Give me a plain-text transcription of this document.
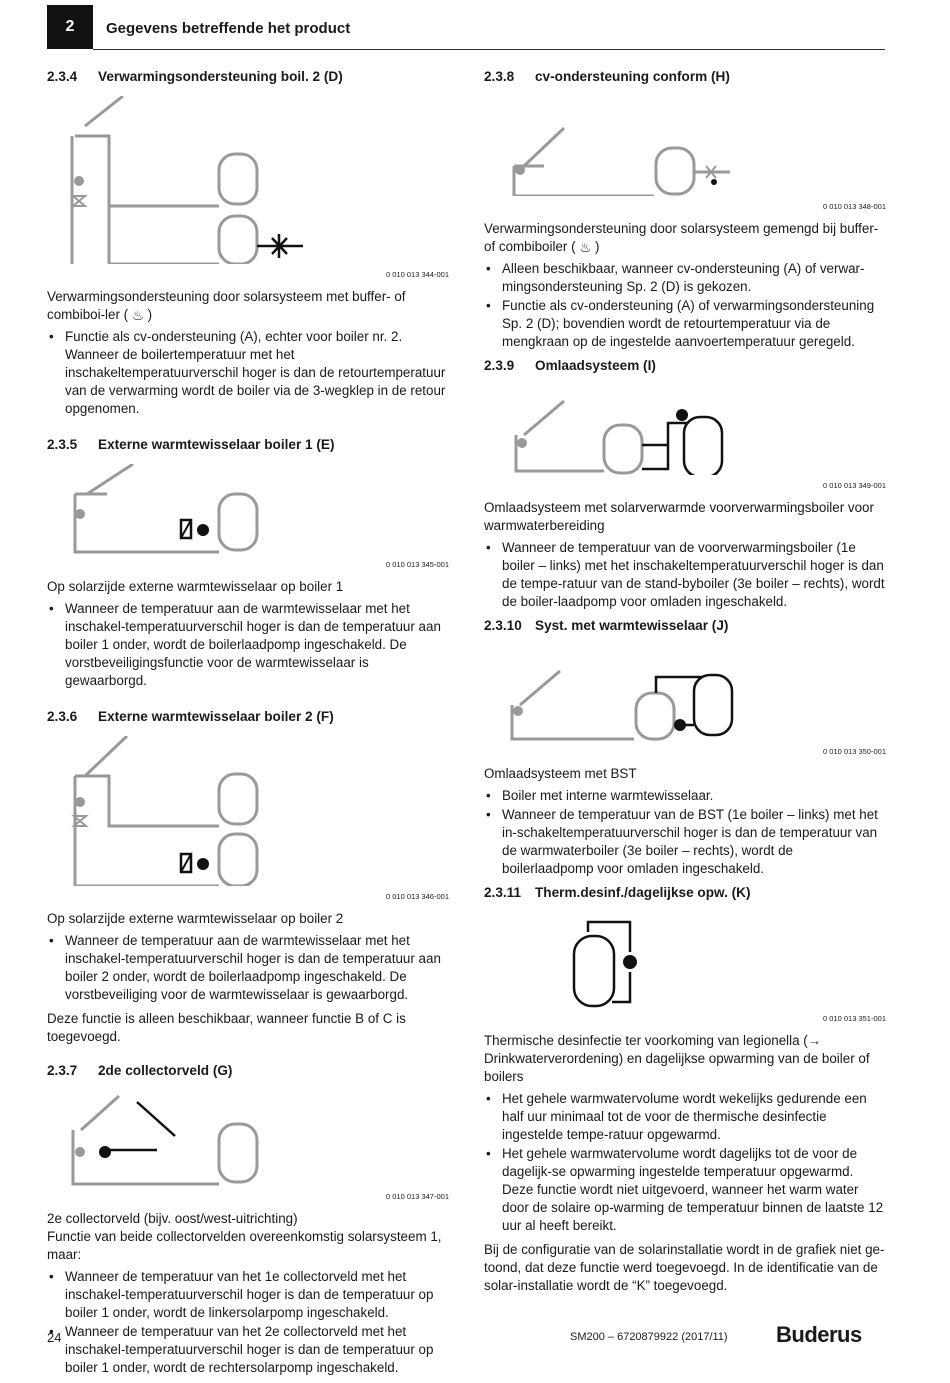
2	Gegevens betreffende het product
2.3.4	Verwarmingsondersteuning boil. 2 (D)
0 010 013 344-001

Verwarmingsondersteuning door solarsysteem met buffer- of combiboi-ler ( ♨ )

• Functie als cv-ondersteuning (A), echter voor boiler nr. 2. Wanneer de boilertemperatuur met het inschakeltemperatuurverschil hoger is dan de retourtemperatuur van de verwarming wordt de boiler via de 3-wegklep in de retour opgenomen.
2.3.5	Externe warmtewisselaar boiler 1 (E)
0 010 013 345-001

Op solarzijde externe warmtewisselaar op boiler 1

• Wanneer de temperatuur aan de warmtewisselaar met het inschakel-temperatuurverschil hoger is dan de temperatuur aan boiler 1 onder, wordt de boilerlaadpomp ingeschakeld. De vorstbeveiligingsfunctie voor de warmtewisselaar is gewaarborgd.
2.3.6	Externe warmtewisselaar boiler 2 (F)
0 010 013 346-001

Op solarzijde externe warmtewisselaar op boiler 2

• Wanneer de temperatuur aan de warmtewisselaar met het inschakel-temperatuurverschil hoger is dan de temperatuur aan boiler 2 onder, wordt de boilerlaadpomp ingeschakeld. De vorstbeveiliging voor de warmtewisselaar is gewaarborgd.

Deze functie is alleen beschikbaar, wanneer functie B of C is toegevoegd.

2.3.7	2de collectorveld (G)
0 010 013 347-001

2e collectorveld (bijv. oost/west-uitrichting)

Functie van beide collectorvelden overeenkomstig solarsysteem 1, maar:

• Wanneer de temperatuur van het 1e collectorveld met het inschakel-temperatuurverschil hoger is dan de temperatuur op boiler 1 onder, wordt de linkersolarpomp ingeschakeld.
• Wanneer de temperatuur van het 2e collectorveld met het inschakel-temperatuurverschil hoger is dan de temperatuur op boiler 1 onder, wordt de rechtersolarpomp ingeschakeld.
2.3.8	cv-ondersteuning conform (H)
0 010 013 348-001

Verwarmingsondersteuning door solarsysteem gemengd bij buffer- of combiboiler ( ♨ )

• Alleen beschikbaar, wanneer cv-ondersteuning (A) of verwar-mingsondersteuning Sp. 2 (D) is gekozen.
• Functie als cv-ondersteuning (A) of verwarmingsondersteuning Sp. 2 (D); bovendien wordt de retourtemperatuur via de mengkraan op de ingestelde aanvoertemperatuur geregeld.
2.3.9	Omlaadsysteem (I)
0 010 013 349-001

Omlaadsysteem met solarverwarmde voorverwarmingsboiler voor warmwaterbereiding

• Wanneer de temperatuur van de voorverwarmingsboiler (1e boiler – links) met het inschakeltemperatuurverschil hoger is dan de tempe-ratuur van de stand-byboiler (3e boiler – rechts), wordt de boiler-laadpomp voor omladen ingeschakeld.
2.3.10 Syst. met warmtewisselaar (J)
0 010 013 350-001

Omlaadsysteem met BST

• Boiler met interne warmtewisselaar.
• Wanneer de temperatuur van de BST (1e boiler – links) met het in-schakeltemperatuurverschil hoger is dan de temperatuur van de warmwaterboiler (3e boiler – rechts), wordt de boilerlaadpomp voor omladen ingeschakeld.
2.3.11	Therm.desinf./dagelijkse opw. (K)
0 010 013 351-001

Thermische desinfectie ter voorkoming van legionella (→ Drinkwaterverordening) en dagelijkse opwarming van de boiler of boilers

• Het gehele warmwatervolume wordt wekelijks gedurende een half uur minimaal tot de voor de thermische desinfectie ingestelde tempe-ratuur opgewarmd.
• Het gehele warmwatervolume wordt dagelijks tot de voor de dagelijk-se opwarming ingestelde temperatuur opgewarmd. Deze functie wordt niet uitgevoerd, wanneer het warm water door de solaire op-warming de temperatuur binnen de laatste 12 uur al heeft bereikt.

Bij de configuratie van de solarinstallatie wordt in de grafiek niet ge-toond, dat deze functie werd toegevoegd. In de identificatie van de solar-installatie wordt de “K” toegevoegd.

24	SM200 – 6720879922 (2017/11) Buderus
